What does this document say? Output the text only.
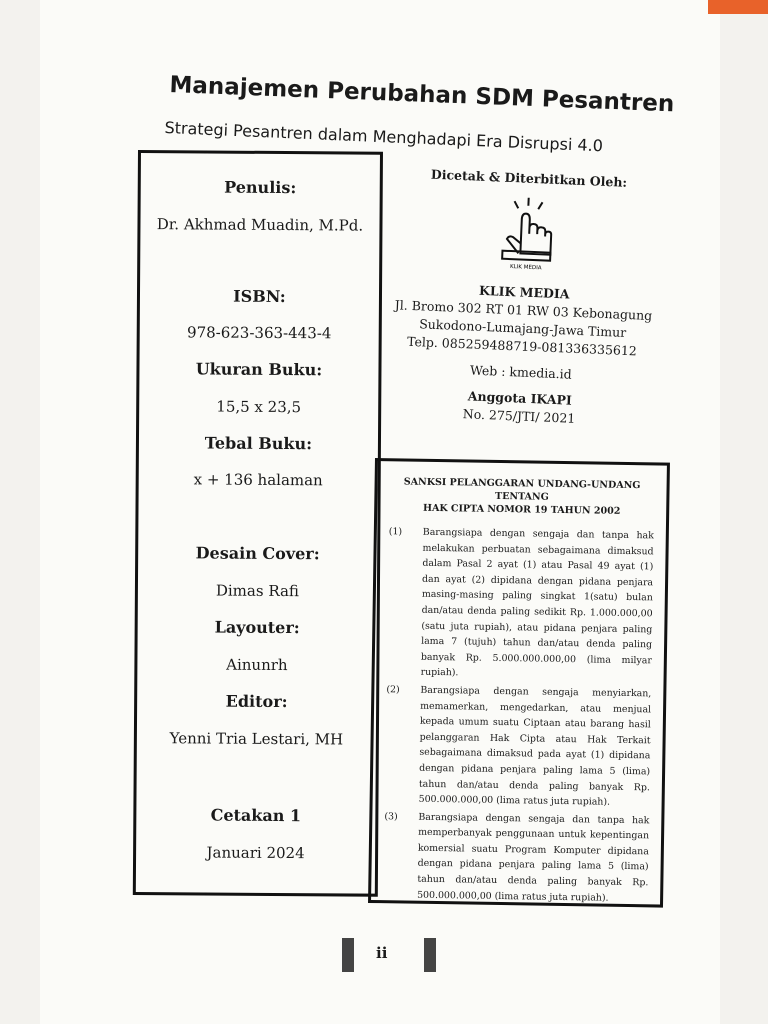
Manajemen Perubahan SDM Pesantren
Strategi Pesantren dalam Menghadapi Era Disrupsi 4.0
Penulis:
Dr. Akhmad Muadin, M.Pd.
ISBN:
978-623-363-443-4
Ukuran Buku:
15,5 x 23,5
Tebal Buku:
x + 136 halaman
Desain Cover:
Dimas Rafi
Layouter:
Ainunrh
Editor:
Yenni Tria Lestari, MH
Cetakan 1
Januari 2024

Dicetak & Diterbitkan Oleh:

KLIK MEDIA

KLIK MEDIA

Jl. Bromo 302 RT 01 RW 03 Kebonagung

Sukodono-Lumajang-Jawa Timur

Telp. 085259488719-081336335612

Web : kmedia.id

Anggota IKAPI

No. 275/JTI/ 2021

SANKSI PELANGGARAN UNDANG-UNDANG TENTANG
HAK CIPTA NOMOR 19 TAHUN 2002
(1)	Barangsiapa dengan sengaja dan tanpa hak melakukan perbuatan sebagaimana dimaksud dalam Pasal 2 ayat (1) atau Pasal 49 ayat (1) dan ayat (2) dipidana dengan pidana penjara masing-masing paling singkat 1(satu) bulan dan/atau denda paling sedikit Rp. 1.000.000,00 (satu juta rupiah), atau pidana penjara paling lama 7 (tujuh) tahun dan/atau denda paling banyak Rp. 5.000.000.000,00 (lima milyar rupiah).
(2)	Barangsiapa dengan sengaja menyiarkan, memamerkan, mengedarkan, atau menjual kepada umum suatu Ciptaan atau barang hasil pelanggaran Hak Cipta atau Hak Terkait sebagaimana dimaksud pada ayat (1) dipidana dengan pidana penjara paling lama 5 (lima) tahun dan/atau denda paling banyak Rp. 500.000.000,00 (lima ratus juta rupiah).
(3)	Barangsiapa dengan sengaja dan tanpa hak memperbanyak penggunaan untuk kepentingan komersial suatu Program Komputer dipidana dengan pidana penjara paling lama 5 (lima) tahun dan/atau denda paling banyak Rp. 500.000.000,00 (lima ratus juta rupiah).
ii
